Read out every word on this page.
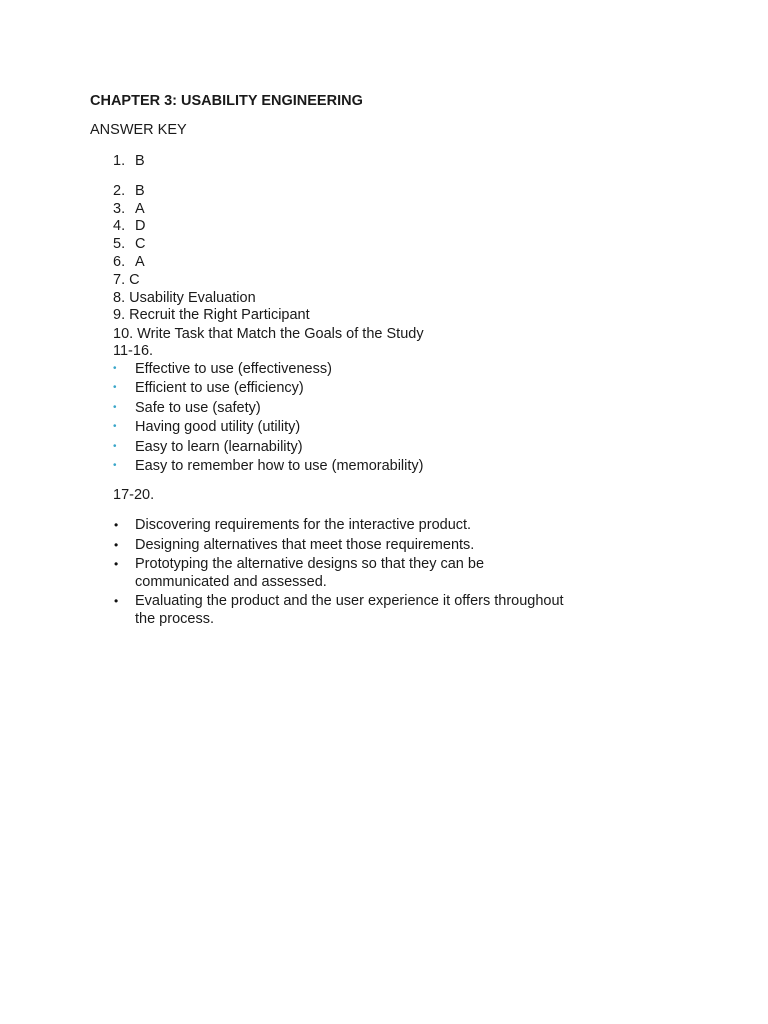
CHAPTER 3: USABILITY ENGINEERING
ANSWER KEY
1. B
2. B
3. A
4. D
5. C
6. A
7. C
8. Usability Evaluation
9. Recruit the Right Participant
10. Write Task that Match the Goals of the Study
11-16.
• Effective to use (effectiveness)
• Efficient to use (efficiency)
• Safe to use (safety)
• Having good utility (utility)
• Easy to learn (learnability)
• Easy to remember how to use (memorability)
17-20.
• Discovering requirements for the interactive product.
• Designing alternatives that meet those requirements.
• Prototyping the alternative designs so that they can be
communicated and assessed.
• Evaluating the product and the user experience it offers throughout
the process.
